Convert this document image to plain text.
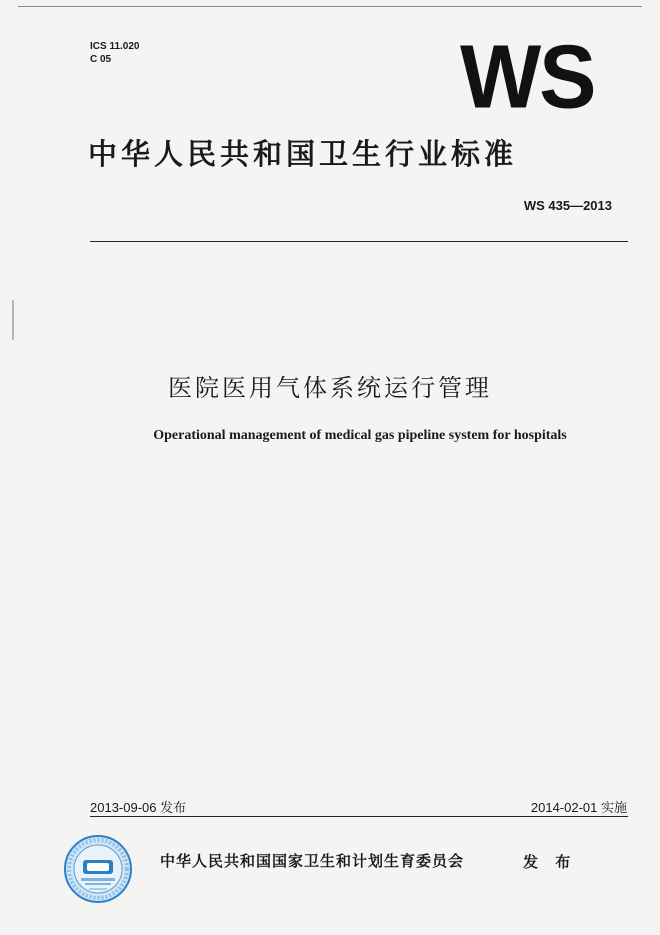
ICS 11.020
C 05	WS
中华人民共和国卫生行业标准
WS 435—2013
医院医用气体系统运行管理
Operational management of medical gas pipeline system for hospitals
2013-09-06 发布	2014-02-01 实施
中华人民共和国国家卫生和计划生育委员会	发 布
